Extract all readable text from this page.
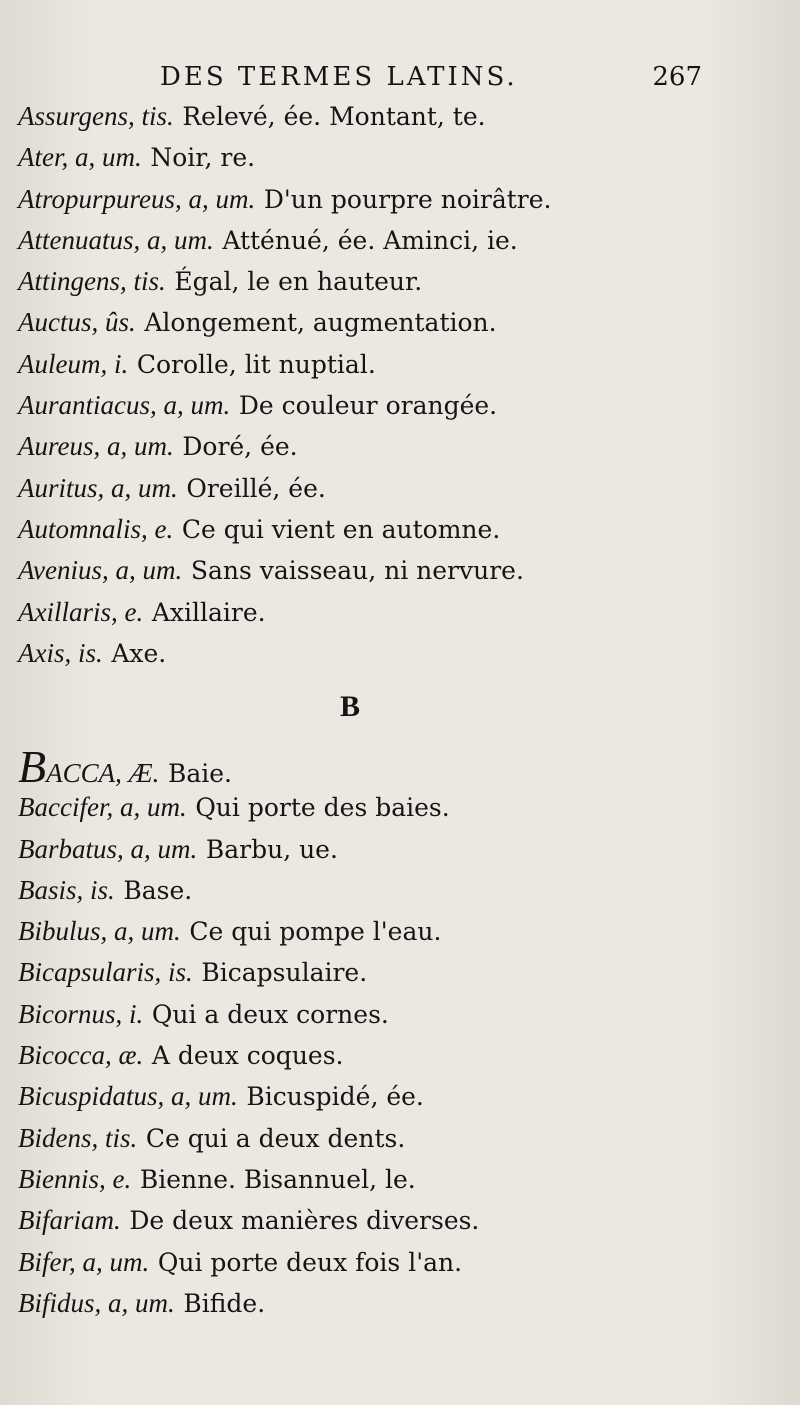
DES TERMES LATINS.	267
Assurgens, tis. Relevé, ée. Montant, te.
Ater, a, um. Noir, re.
Atropurpureus, a, um. D'un pourpre noirâtre.
Attenuatus, a, um. Atténué, ée. Aminci, ie.
Attingens, tis. Égal, le en hauteur.
Auctus, ûs. Alongement, augmentation.
Auleum, i. Corolle, lit nuptial.
Aurantiacus, a, um. De couleur orangée.
Aureus, a, um. Doré, ée.
Auritus, a, um. Oreillé, ée.
Automnalis, e. Ce qui vient en automne.
Avenius, a, um. Sans vaisseau, ni nervure.
Axillaris, e. Axillaire.
Axis, is. Axe.
B
BACCA, Æ. Baie.
Baccifer, a, um. Qui porte des baies.
Barbatus, a, um. Barbu, ue.
Basis, is. Base.
Bibulus, a, um. Ce qui pompe l'eau.
Bicapsularis, is. Bicapsulaire.
Bicornus, i. Qui a deux cornes.
Bicocca, æ. A deux coques.
Bicuspidatus, a, um. Bicuspidé, ée.
Bidens, tis. Ce qui a deux dents.
Biennis, e. Bienne. Bisannuel, le.
Bifariam. De deux manières diverses.
Bifer, a, um. Qui porte deux fois l'an.
Bifidus, a, um. Bifide.
